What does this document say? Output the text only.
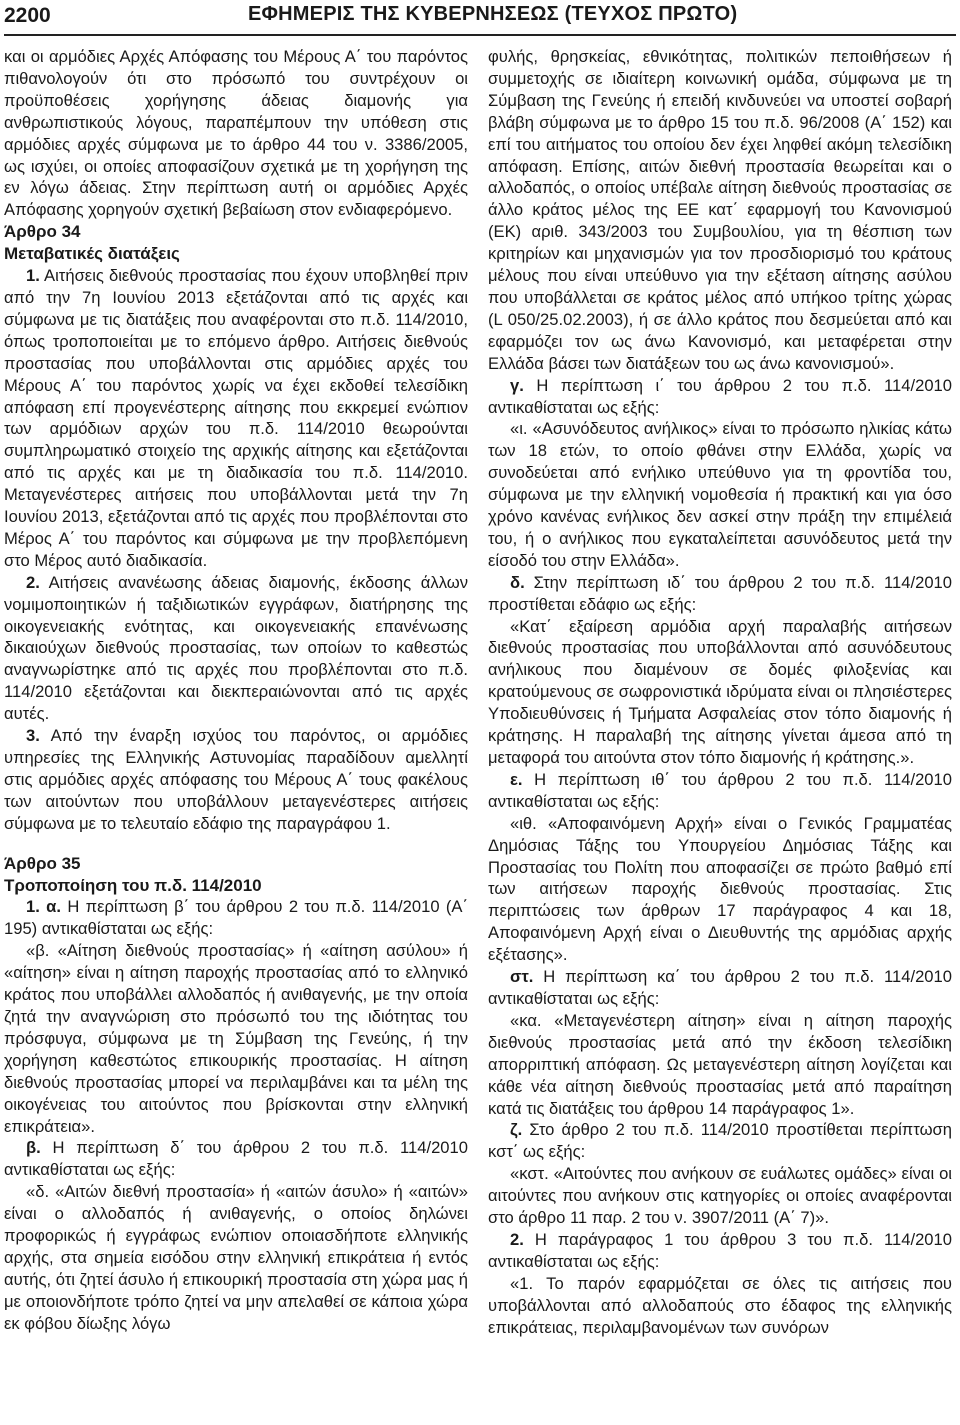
2200	ΕΦΗΜΕΡΙΣ ΤΗΣ ΚΥΒΕΡΝΗΣΕΩΣ (ΤΕΥΧΟΣ ΠΡΩΤΟ)

και οι αρμόδιες Αρχές Απόφασης του Μέρους Α΄ του παρόντος πιθανολογούν ότι στο πρόσωπό του συντρέχουν οι προϋποθέσεις χορήγησης άδειας διαμονής για ανθρωπιστικούς λόγους, παραπέμπουν την υπόθεση στις αρμόδιες αρχές σύμφωνα με το άρθρο 44 του ν. 3386/2005, ως ισχύει, οι οποίες αποφασίζουν σχετικά με τη χορήγηση της εν λόγω άδειας. Στην περίπτωση αυτή οι αρμόδιες Αρχές Απόφασης χορηγούν σχετική βεβαίωση στον ενδιαφερόμενο.

Άρθρο 34

Μεταβατικές διατάξεις

1. Αιτήσεις διεθνούς προστασίας που έχουν υποβληθεί πριν από την 7η Ιουνίου 2013 εξετάζονται από τις αρχές και σύμφωνα με τις διατάξεις που αναφέρονται στο π.δ. 114/2010, όπως τροποποιείται με το επόμενο άρθρο. Αιτήσεις διεθνούς προστασίας που υποβάλλονται στις αρμόδιες αρχές του Μέρους Α΄ του παρόντος χωρίς να έχει εκδοθεί τελεσίδικη απόφαση επί προγενέστερης αίτησης που εκκρεμεί ενώπιον των αρμόδιων αρχών του π.δ. 114/2010 θεωρούνται συμπληρωματικό στοιχείο της αρχικής αίτησης και εξετάζονται από τις αρχές και με τη διαδικασία του π.δ. 114/2010. Μεταγενέστερες αιτήσεις που υποβάλλονται μετά την 7η Ιουνίου 2013, εξετάζονται από τις αρχές που προβλέπονται στο Μέρος Α΄ του παρόντος και σύμφωνα με την προβλεπόμενη στο Μέρος αυτό διαδικασία.

2. Αιτήσεις ανανέωσης άδειας διαμονής, έκδοσης άλλων νομιμοποιητικών ή ταξιδιωτικών εγγράφων, διατήρησης της οικογενειακής ενότητας, και οικογενειακής επανένωσης δικαιούχων διεθνούς προστασίας, των οποίων το καθεστώς αναγνωρίστηκε από τις αρχές που προβλέπονται στο π.δ. 114/2010 εξετάζονται και διεκπεραιώνονται από τις αρχές αυτές.

3. Από την έναρξη ισχύος του παρόντος, οι αρμόδιες υπηρεσίες της Ελληνικής Αστυνομίας παραδίδουν αμελλητί στις αρμόδιες αρχές απόφασης του Μέρους Α΄ τους φακέλους των αιτούντων που υποβάλλουν μεταγενέστερες αιτήσεις σύμφωνα με το τελευταίο εδάφιο της παραγράφου 1.

Άρθρο 35

Τροποποίηση του π.δ. 114/2010

1. α. Η περίπτωση β΄ του άρθρου 2 του π.δ. 114/2010 (Α΄ 195) αντικαθίσταται ως εξής:

«β. «Αίτηση διεθνούς προστασίας» ή «αίτηση ασύλου» ή «αίτηση» είναι η αίτηση παροχής προστασίας από το ελληνικό κράτος που υποβάλλει αλλοδαπός ή ανιθαγενής, με την οποία ζητά την αναγνώριση στο πρόσωπό του της ιδιότητας του πρόσφυγα, σύμφωνα με τη Σύμβαση της Γενεύης, ή την χορήγηση καθεστώτος επικουρικής προστασίας. Η αίτηση διεθνούς προστασίας μπορεί να περιλαμβάνει και τα μέλη της οικογένειας του αιτούντος που βρίσκονται στην ελληνική επικράτεια».

β. Η περίπτωση δ΄ του άρθρου 2 του π.δ. 114/2010 αντικαθίσταται ως εξής:

«δ. «Αιτών διεθνή προστασία» ή «αιτών άσυλο» ή «αιτών» είναι ο αλλοδαπός ή ανιθαγενής, ο οποίος δηλώνει προφορικώς ή εγγράφως ενώπιον οποιασδήποτε ελληνικής αρχής, στα σημεία εισόδου στην ελληνική επικράτεια ή εντός αυτής, ότι ζητεί άσυλο ή επικουρική προστασία στη χώρα μας ή με οποιονδήποτε τρόπο ζητεί να μην απελαθεί σε κάποια χώρα εκ φόβου δίωξης λόγω

φυλής, θρησκείας, εθνικότητας, πολιτικών πεποιθήσεων ή συμμετοχής σε ιδιαίτερη κοινωνική ομάδα, σύμφωνα με τη Σύμβαση της Γενεύης ή επειδή κινδυνεύει να υποστεί σοβαρή βλάβη σύμφωνα με το άρθρο 15 του π.δ. 96/2008 (Α΄ 152) και επί του αιτήματος του οποίου δεν έχει ληφθεί ακόμη τελεσίδικη απόφαση. Επίσης, αιτών διεθνή προστασία θεωρείται και ο αλλοδαπός, ο οποίος υπέβαλε αίτηση διεθνούς προστασίας σε άλλο κράτος μέλος της ΕΕ κατ΄ εφαρμογή του Κανονισμού (ΕΚ) αριθ. 343/2003 του Συμβουλίου, για τη θέσπιση των κριτηρίων και μηχανισμών για τον προσδιορισμό του κράτους μέλους που είναι υπεύθυνο για την εξέταση αίτησης ασύλου που υποβάλλεται σε κράτος μέλος από υπήκοο τρίτης χώρας (L 050/25.02.2003), ή σε άλλο κράτος που δεσμεύεται από και εφαρμόζει τον ως άνω Κανονισμό, και μεταφέρεται στην Ελλάδα βάσει των διατάξεων του ως άνω κανονισμού».

γ. Η περίπτωση ι΄ του άρθρου 2 του π.δ. 114/2010 αντικαθίσταται ως εξής:

«ι. «Ασυνόδευτος ανήλικος» είναι το πρόσωπο ηλικίας κάτω των 18 ετών, το οποίο φθάνει στην Ελλάδα, χωρίς να συνοδεύεται από ενήλικο υπεύθυνο για τη φροντίδα του, σύμφωνα με την ελληνική νομοθεσία ή πρακτική και για όσο χρόνο κανένας ενήλικος δεν ασκεί στην πράξη την επιμέλειά του, ή ο ανήλικος που εγκαταλείπεται ασυνόδευτος μετά την είσοδό του στην Ελλάδα».

δ. Στην περίπτωση ιδ΄ του άρθρου 2 του π.δ. 114/2010 προστίθεται εδάφιο ως εξής:

«Κατ΄ εξαίρεση αρμόδια αρχή παραλαβής αιτήσεων διεθνούς προστασίας που υποβάλλονται από ασυνόδευτους ανήλικους που διαμένουν σε δομές φιλοξενίας και κρατούμενους σε σωφρονιστικά ιδρύματα είναι οι πλησιέστερες Υποδιευθύνσεις ή Τμήματα Ασφαλείας στον τόπο διαμονής ή κράτησης. Η παραλαβή της αίτησης γίνεται άμεσα από τη μεταφορά του αιτούντα στον τόπο διαμονής ή κράτησης.».

ε. Η περίπτωση ιθ΄ του άρθρου 2 του π.δ. 114/2010 αντικαθίσταται ως εξής:

«ιθ. «Αποφαινόμενη Αρχή» είναι ο Γενικός Γραμματέας Δημόσιας Τάξης του Υπουργείου Δημόσιας Τάξης και Προστασίας του Πολίτη που αποφασίζει σε πρώτο βαθμό επί των αιτήσεων παροχής διεθνούς προστασίας. Στις περιπτώσεις των άρθρων 17 παράγραφος 4 και 18, Αποφαινόμενη Αρχή είναι ο Διευθυντής της αρμόδιας αρχής εξέτασης».

στ. Η περίπτωση κα΄ του άρθρου 2 του π.δ. 114/2010 αντικαθίσταται ως εξής:

«κα. «Μεταγενέστερη αίτηση» είναι η αίτηση παροχής διεθνούς προστασίας μετά από την έκδοση τελεσίδικη απορριπτική απόφαση. Ως μεταγενέστερη αίτηση λογίζεται και κάθε νέα αίτηση διεθνούς προστασίας μετά από παραίτηση κατά τις διατάξεις του άρθρου 14 παράγραφος 1».

ζ. Στο άρθρο 2 του π.δ. 114/2010 προστίθεται περίπτωση κστ΄ ως εξής:

«κστ. «Αιτούντες που ανήκουν σε ευάλωτες ομάδες» είναι οι αιτούντες που ανήκουν στις κατηγορίες οι οποίες αναφέρονται στο άρθρο 11 παρ. 2 του ν. 3907/2011 (Α΄ 7)».

2. Η παράγραφος 1 του άρθρου 3 του π.δ. 114/2010 αντικαθίσταται ως εξής:

«1. Το παρόν εφαρμόζεται σε όλες τις αιτήσεις που υποβάλλονται από αλλοδαπούς στο έδαφος της ελληνικής επικράτειας, περιλαμβανομένων των συνόρων
